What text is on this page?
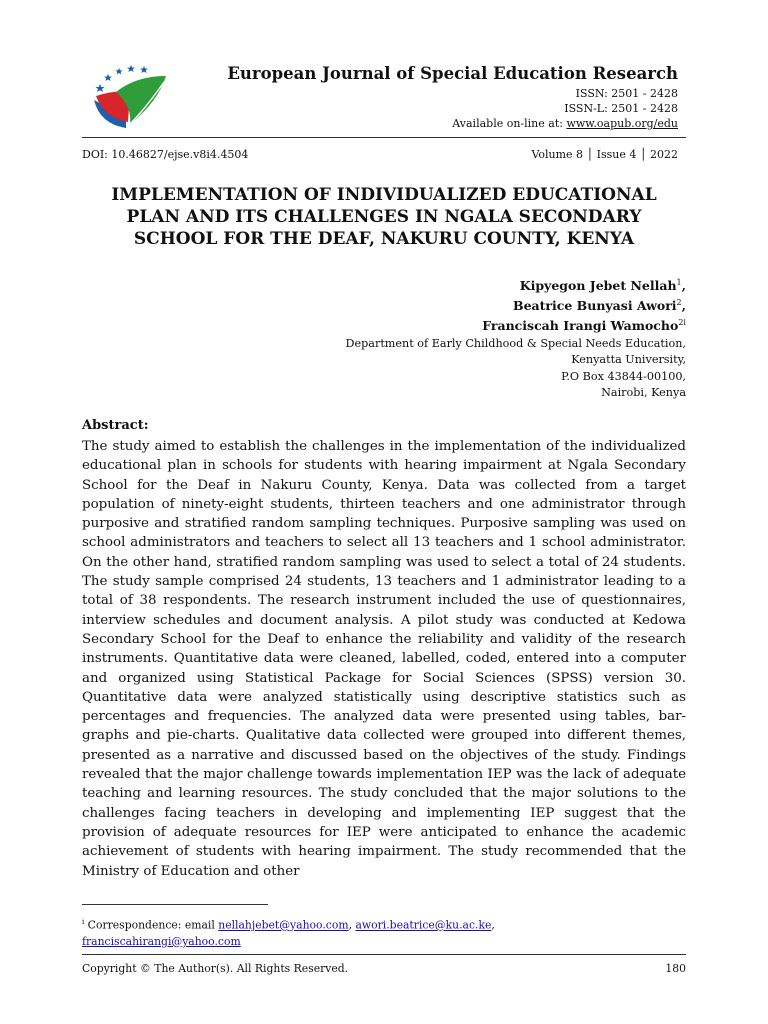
European Journal of Special Education Research
ISSN: 2501 - 2428
ISSN-L: 2501 - 2428
Available on-line at: www.oapub.org/edu
DOI: 10.46827/ejse.v8i4.4504	Volume 8 │ Issue 4 │ 2022
IMPLEMENTATION OF INDIVIDUALIZED EDUCATIONAL PLAN AND ITS CHALLENGES IN NGALA SECONDARY SCHOOL FOR THE DEAF, NAKURU COUNTY, KENYA
Kipyegon Jebet Nellah$^1$,
Beatrice Bunyasi Awori$^2$,
Franciscah Irangi Wamocho$^{2i}$
Department of Early Childhood & Special Needs Education,
Kenyatta University,
P.O Box 43844-00100,
Nairobi, Kenya
Abstract:
The study aimed to establish the challenges in the implementation of the individualized educational plan in schools for students with hearing impairment at Ngala Secondary School for the Deaf in Nakuru County, Kenya. Data was collected from a target population of ninety-eight students, thirteen teachers and one administrator through purposive and stratified random sampling techniques. Purposive sampling was used on school administrators and teachers to select all 13 teachers and 1 school administrator. On the other hand, stratified random sampling was used to select a total of 24 students. The study sample comprised 24 students, 13 teachers and 1 administrator leading to a total of 38 respondents. The research instrument included the use of questionnaires, interview schedules and document analysis. A pilot study was conducted at Kedowa Secondary School for the Deaf to enhance the reliability and validity of the research instruments. Quantitative data were cleaned, labelled, coded, entered into a computer and organized using Statistical Package for Social Sciences (SPSS) version 30. Quantitative data were analyzed statistically using descriptive statistics such as percentages and frequencies. The analyzed data were presented using tables, bar-graphs and pie-charts. Qualitative data collected were grouped into different themes, presented as a narrative and discussed based on the objectives of the study. Findings revealed that the major challenge towards implementation IEP was the lack of adequate teaching and learning resources. The study concluded that the major solutions to the challenges facing teachers in developing and implementing IEP suggest that the provision of adequate resources for IEP were anticipated to enhance the academic achievement of students with hearing impairment. The study recommended that the Ministry of Education and other
$^i$ Correspondence: email nellahjebet@yahoo.com, awori.beatrice@ku.ac.ke,
franciscahirangi@yahoo.com
Copyright © The Author(s). All Rights Reserved.	180
